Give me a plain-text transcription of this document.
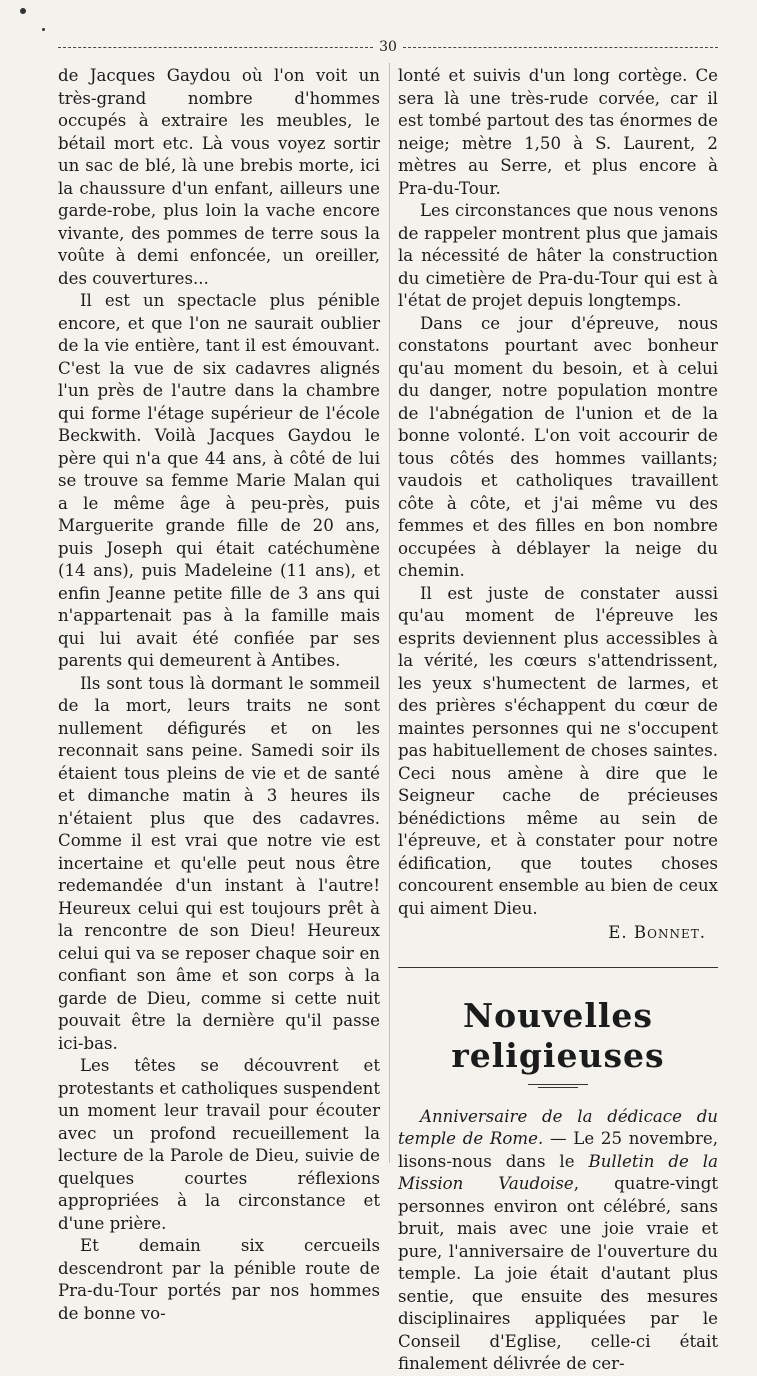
30

de Jacques Gaydou où l'on voit un très-grand nombre d'hommes occupés à extraire les meubles, le bétail mort etc. Là vous voyez sortir un sac de blé, là une brebis morte, ici la chaussure d'un enfant, ailleurs une garde-robe, plus loin la vache encore vivante, des pommes de terre sous la voûte à demi enfoncée, un oreiller, des couvertures...

Il est un spectacle plus pénible encore, et que l'on ne saurait oublier de la vie entière, tant il est émouvant. C'est la vue de six cadavres alignés l'un près de l'autre dans la chambre qui forme l'étage supérieur de l'école Beckwith. Voilà Jacques Gaydou le père qui n'a que 44 ans, à côté de lui se trouve sa femme Marie Malan qui a le même âge à peu-près, puis Marguerite grande fille de 20 ans, puis Joseph qui était catéchumène (14 ans), puis Madeleine (11 ans), et enfin Jeanne petite fille de 3 ans qui n'appartenait pas à la famille mais qui lui avait été confiée par ses parents qui demeurent à Antibes.

Ils sont tous là dormant le sommeil de la mort, leurs traits ne sont nullement défigurés et on les reconnait sans peine. Samedi soir ils étaient tous pleins de vie et de santé et dimanche matin à 3 heures ils n'étaient plus que des cadavres. Comme il est vrai que notre vie est incertaine et qu'elle peut nous être redemandée d'un instant à l'autre! Heureux celui qui est toujours prêt à la rencontre de son Dieu! Heureux celui qui va se reposer chaque soir en confiant son âme et son corps à la garde de Dieu, comme si cette nuit pouvait être la dernière qu'il passe ici-bas.

Les têtes se découvrent et protestants et catholiques suspendent un moment leur travail pour écouter avec un profond recueillement la lecture de la Parole de Dieu, suivie de quelques courtes réflexions appropriées à la circonstance et d'une prière.

Et demain six cercueils descendront par la pénible route de Pra-du-Tour portés par nos hommes de bonne vo-

lonté et suivis d'un long cortège. Ce sera là une très-rude corvée, car il est tombé partout des tas énormes de neige; mètre 1,50 à S. Laurent, 2 mètres au Serre, et plus encore à Pra-du-Tour.

Les circonstances que nous venons de rappeler montrent plus que jamais la nécessité de hâter la construction du cimetière de Pra-du-Tour qui est à l'état de projet depuis longtemps.

Dans ce jour d'épreuve, nous constatons pourtant avec bonheur qu'au moment du besoin, et à celui du danger, notre population montre de l'abnégation de l'union et de la bonne volonté. L'on voit accourir de tous côtés des hommes vaillants; vaudois et catholiques travaillent côte à côte, et j'ai même vu des femmes et des filles en bon nombre occupées à déblayer la neige du chemin.

Il est juste de constater aussi qu'au moment de l'épreuve les esprits deviennent plus accessibles à la vérité, les cœurs s'attendrissent, les yeux s'humectent de larmes, et des prières s'échappent du cœur de maintes personnes qui ne s'occupent pas habituellement de choses saintes. Ceci nous amène à dire que le Seigneur cache de précieuses bénédictions même au sein de l'épreuve, et à constater pour notre édification, que toutes choses concourent ensemble au bien de ceux qui aiment Dieu.

E. Bonnet.
Nouvelles religieuses

Anniversaire de la dédicace du temple de Rome. — Le 25 novembre, lisons-nous dans le Bulletin de la Mission Vaudoise, quatre-vingt personnes environ ont célébré, sans bruit, mais avec une joie vraie et pure, l'anniversaire de l'ouverture du temple. La joie était d'autant plus sentie, que ensuite des mesures disciplinaires appliquées par le Conseil d'Eglise, celle-ci était finalement délivrée de cer-
